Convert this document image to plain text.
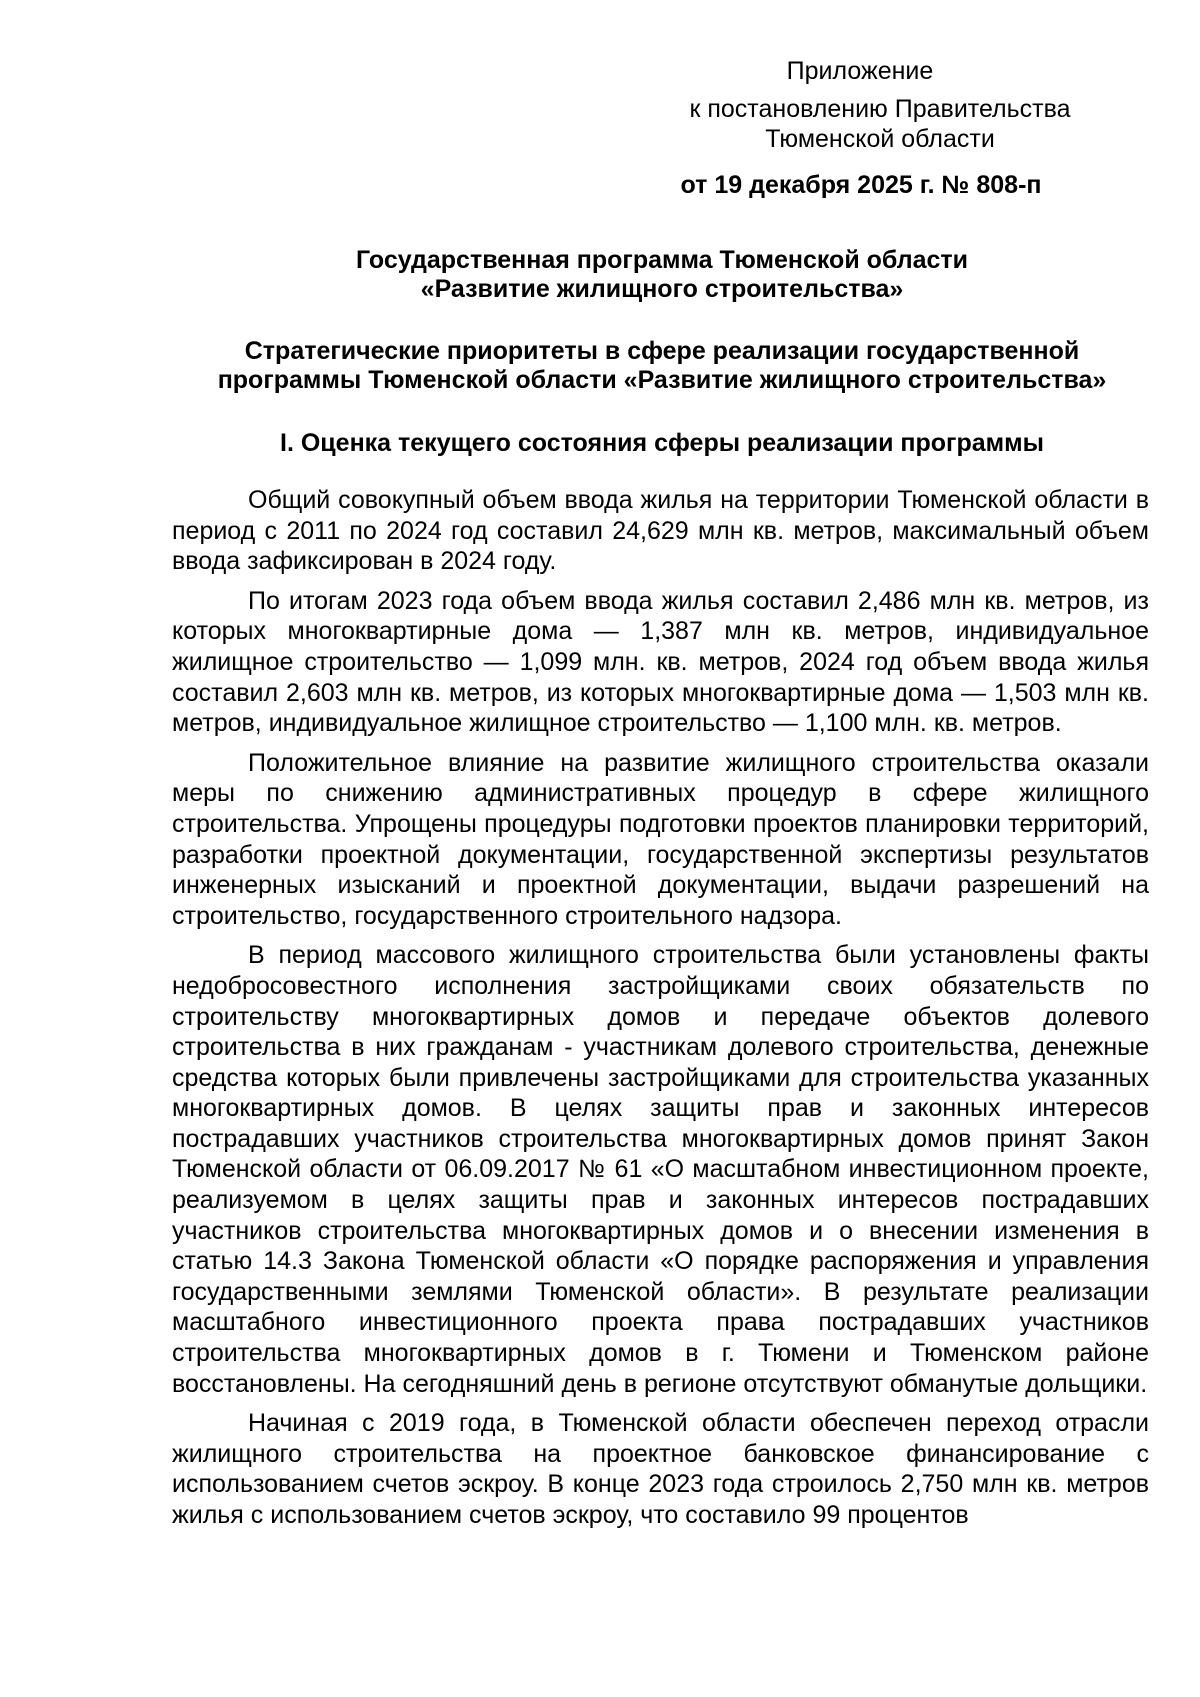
Приложение
к постановлению Правительства
Тюменской области
от 19 декабря 2025 г. № 808-п
Государственная программа Тюменской области
«Развитие жилищного строительства»
Стратегические приоритеты в сфере реализации государственной
программы Тюменской области «Развитие жилищного строительства»
I. Оценка текущего состояния сферы реализации программы

Общий совокупный объем ввода жилья на территории Тюменской области в период с 2011 по 2024 год составил 24,629 млн кв. метров, максимальный объем ввода зафиксирован в 2024 году.

По итогам 2023 года объем ввода жилья составил 2,486 млн кв. метров, из которых многоквартирные дома — 1,387 млн кв. метров, индивидуальное жилищное строительство — 1,099 млн. кв. метров, 2024 год объем ввода жилья составил 2,603 млн кв. метров, из которых многоквартирные дома — 1,503 млн кв. метров, индивидуальное жилищное строительство — 1,100 млн. кв. метров.

Положительное влияние на развитие жилищного строительства оказали меры по снижению административных процедур в сфере жилищного строительства. Упрощены процедуры подготовки проектов планировки территорий, разработки проектной документации, государственной экспертизы результатов инженерных изысканий и проектной документации, выдачи разрешений на строительство, государственного строительного надзора.

В период массового жилищного строительства были установлены факты недобросовестного исполнения застройщиками своих обязательств по строительству многоквартирных домов и передаче объектов долевого строительства в них гражданам - участникам долевого строительства, денежные средства которых были привлечены застройщиками для строительства указанных многоквартирных домов. В целях защиты прав и законных интересов пострадавших участников строительства многоквартирных домов принят Закон Тюменской области от 06.09.2017 № 61 «О масштабном инвестиционном проекте, реализуемом в целях защиты прав и законных интересов пострадавших участников строительства многоквартирных домов и о внесении изменения в статью 14.3 Закона Тюменской области «О порядке распоряжения и управления государственными землями Тюменской области». В результате реализации масштабного инвестиционного проекта права пострадавших участников строительства многоквартирных домов в г. Тюмени и Тюменском районе восстановлены. На сегодняшний день в регионе отсутствуют обманутые дольщики.

Начиная с 2019 года, в Тюменской области обеспечен переход отрасли жилищного строительства на проектное банковское финансирование с использованием счетов эскроу. В конце 2023 года строилось 2,750 млн кв. метров жилья с использованием счетов эскроу, что составило 99 процентов
